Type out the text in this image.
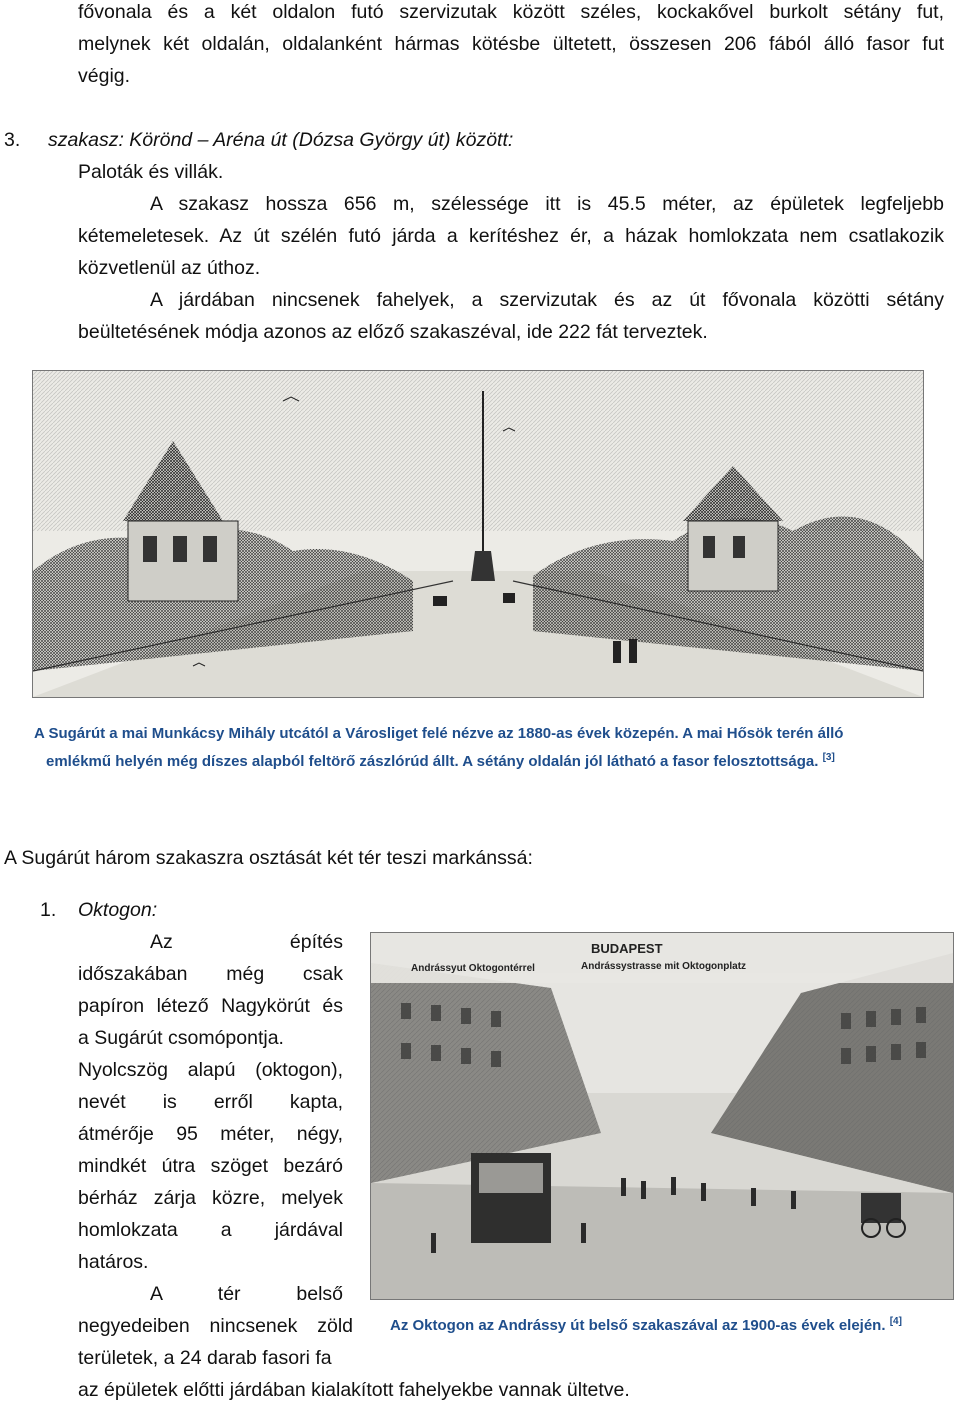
fővonala és a két oldalon futó szervizutak között széles, kockakővel burkolt sétány fut,

melynek két oldalán, oldalanként hármas kötésbe ültetett, összesen 206 fából álló fasor fut

végig.

3. szakasz: Körönd – Aréna út (Dózsa György út) között:

Paloták és villák.

A szakasz hossza 656 m, szélessége itt is 45.5 méter, az épületek legfeljebb

kétemeletesek. Az út szélén futó járda a kerítéshez ér, a házak homlokzata nem csatlakozik

közvetlenül az úthoz.

A járdában nincsenek fahelyek, a szervizutak és az út fővonala közötti sétány

beültetésének módja azonos az előző szakaszéval, ide 222 fát terveztek.

A Sugárút a mai Munkácsy Mihály utcától a Városliget felé nézve az 1880-as évek közepén. A mai Hősök terén álló
emlékmű helyén még díszes alapból feltörő zászlórúd állt. A sétány oldalán jól látható a fasor felosztottsága. [3]

A Sugárút három szakaszra osztását két tér teszi markánssá:

1. Oktogon:

Az építés

időszakában még csak

papíron létező Nagykörút és

a Sugárút csomópontja.

Nyolcszög alapú (oktogon),

nevét is erről kapta,

átmérője 95 méter, négy,

mindkét útra szöget bezáró

bérház zárja közre, melyek

homlokzata a járdával

határos.

A tér belső

negyedeiben nincsenek zöld

területek, a 24 darab fasori fa

az épületek előtti járdában kialakított fahelyekbe vannak ültetve.

BUDAPEST
Andrássyut Oktogontérrel	Andrássystrasse mit Oktogonplatz
Az Oktogon az Andrássy út belső szakaszával az 1900-as évek elején. [4]
